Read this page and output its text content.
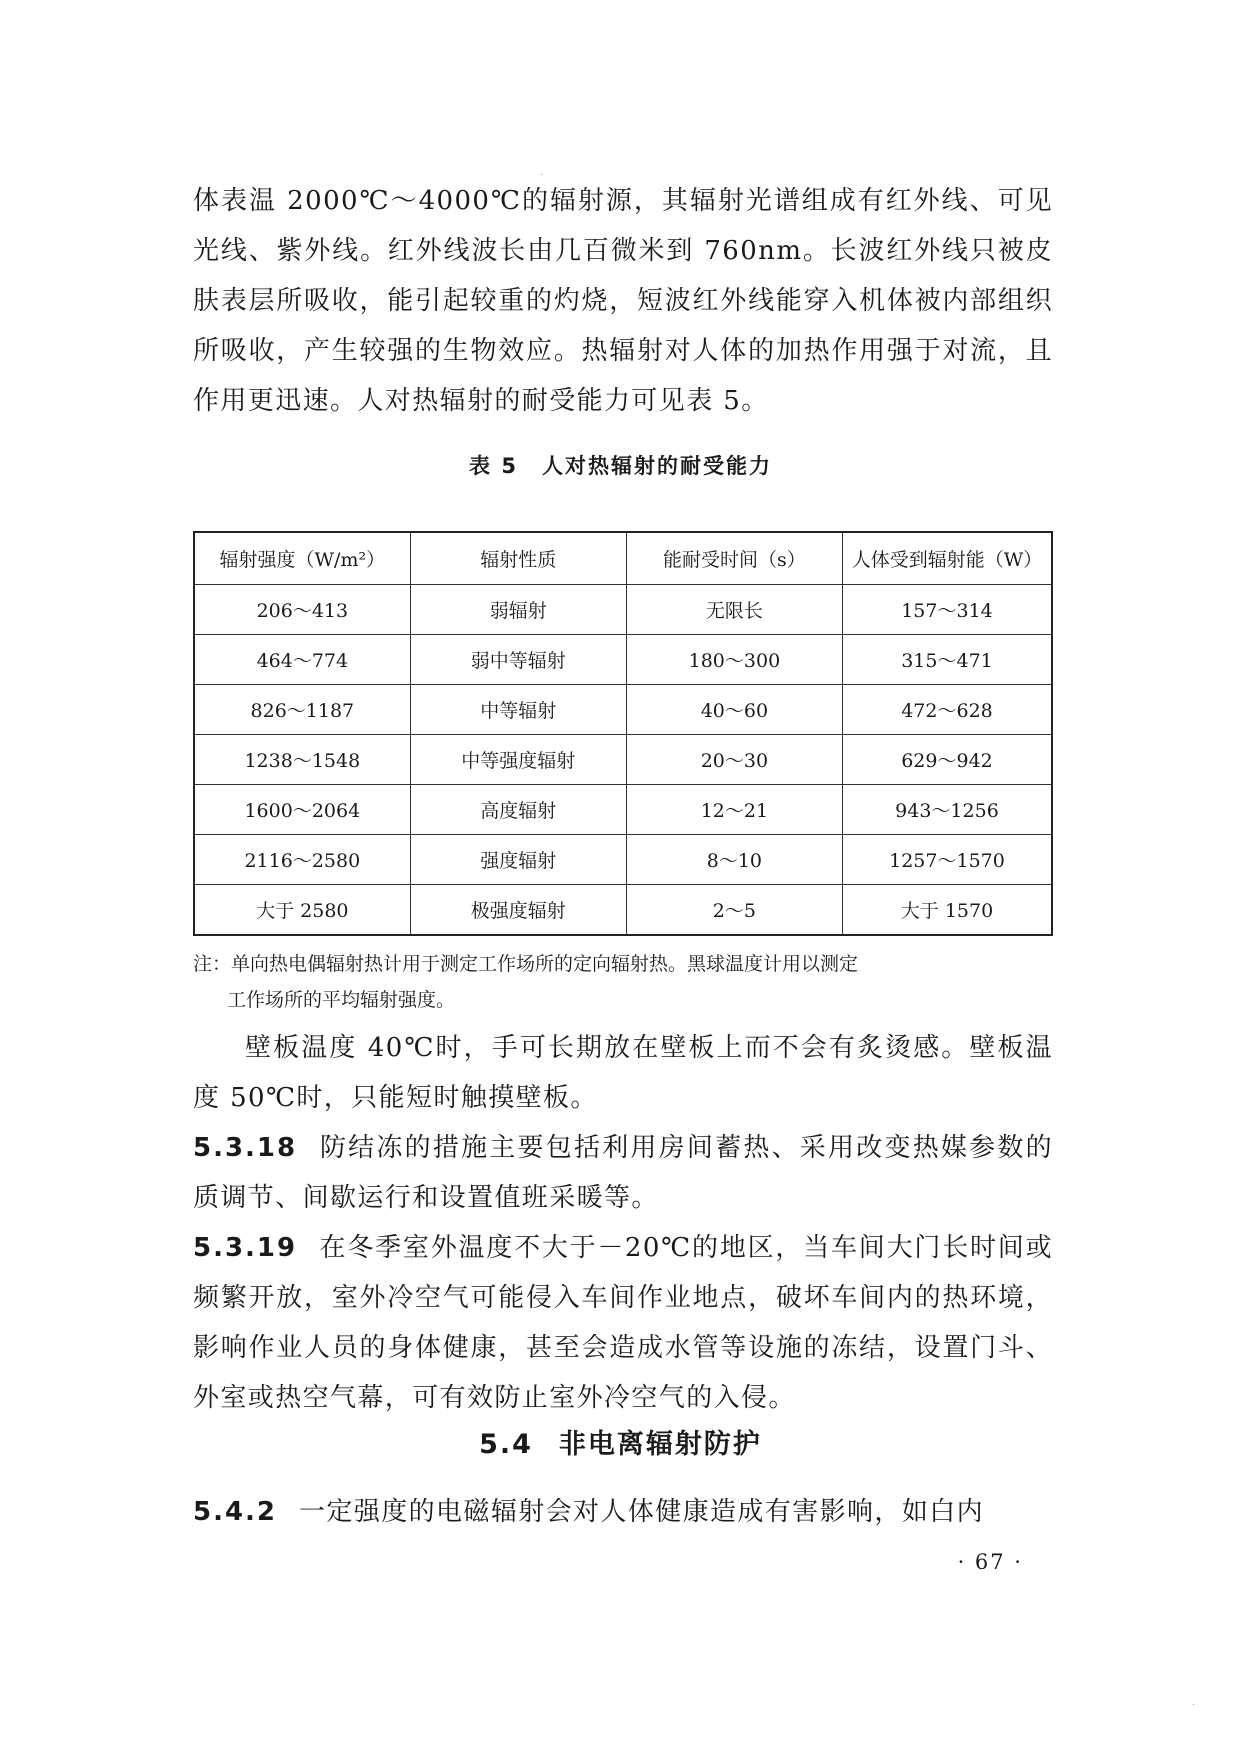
体表温 2000℃～4000℃的辐射源，其辐射光谱组成有红外线、可见光线、紫外线。红外线波长由几百微米到 760nm。长波红外线只被皮肤表层所吸收，能引起较重的灼烧，短波红外线能穿入机体被内部组织所吸收，产生较强的生物效应。热辐射对人体的加热作用强于对流，且作用更迅速。人对热辐射的耐受能力可见表 5。

表 5 人对热辐射的耐受能力
辐射强度（W/m²）	辐射性质	能耐受时间（s）	人体受到辐射能（W）
206～413	弱辐射	无限长	157～314
464～774	弱中等辐射	180～300	315～471
826～1187	中等辐射	40～60	472～628
1238～1548	中等强度辐射	20～30	629～942
1600～2064	高度辐射	12～21	943～1256
2116～2580	强度辐射	8～10	1257～1570
大于 2580	极强度辐射	2～5	大于 1570

注：单向热电偶辐射热计用于测定工作场所的定向辐射热。黑球温度计用以测定
工作场所的平均辐射强度。

壁板温度 40℃时，手可长期放在壁板上而不会有炙烫感。壁板温度 50℃时，只能短时触摸壁板。

5.3.18 防结冻的措施主要包括利用房间蓄热、采用改变热媒参数的质调节、间歇运行和设置值班采暖等。

5.3.19 在冬季室外温度不大于－20℃的地区，当车间大门长时间或频繁开放，室外冷空气可能侵入车间作业地点，破坏车间内的热环境，影响作业人员的身体健康，甚至会造成水管等设施的冻结，设置门斗、外室或热空气幕，可有效防止室外冷空气的入侵。

5.4 非电离辐射防护

5.4.2 一定强度的电磁辐射会对人体健康造成有害影响，如白内

· 67 ·
·
·
